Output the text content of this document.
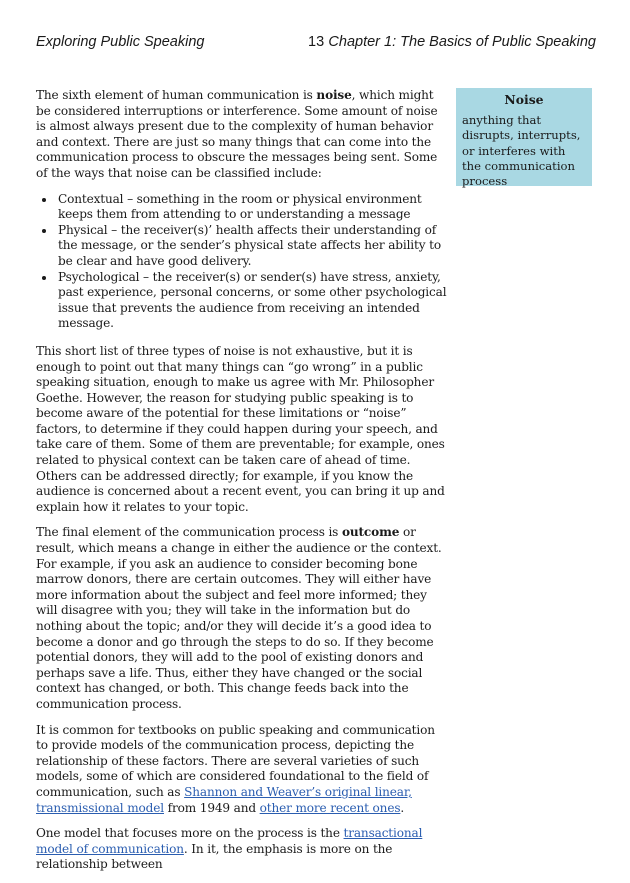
Exploring Public Speaking	13 Chapter 1: The Basics of Public Speaking

The sixth element of human communication is noise, which might be considered interruptions or interference. Some amount of noise is almost always present due to the complexity of human behavior and context. There are just so many things that can come into the communication process to obscure the messages being sent. Some of the ways that noise can be classified include:

• Contextual – something in the room or physical environment keeps them from attending to or understanding a message
• Physical – the receiver(s)’ health affects their understanding of the message, or the sender’s physical state affects her ability to be clear and have good delivery.
• Psychological – the receiver(s) or sender(s) have stress, anxiety, past experience, personal concerns, or some other psychological issue that prevents the audience from receiving an intended message.

This short list of three types of noise is not exhaustive, but it is enough to point out that many things can “go wrong” in a public speaking situation, enough to make us agree with Mr. Philosopher Goethe. However, the reason for studying public speaking is to become aware of the potential for these limitations or “noise” factors, to determine if they could happen during your speech, and take care of them. Some of them are preventable; for example, ones related to physical context can be taken care of ahead of time. Others can be addressed directly; for example, if you know the audience is concerned about a recent event, you can bring it up and explain how it relates to your topic.

The final element of the communication process is outcome or result, which means a change in either the audience or the context. For example, if you ask an audience to consider becoming bone marrow donors, there are certain outcomes. They will either have more information about the subject and feel more informed; they will disagree with you; they will take in the information but do nothing about the topic; and/or they will decide it’s a good idea to become a donor and go through the steps to do so. If they become potential donors, they will add to the pool of existing donors and perhaps save a life. Thus, either they have changed or the social context has changed, or both. This change feeds back into the communication process.

It is common for textbooks on public speaking and communication to provide models of the communication process, depicting the relationship of these factors. There are several varieties of such models, some of which are considered foundational to the field of communication, such as Shannon and Weaver’s original linear, transmissional model from 1949 and other more recent ones.

One model that focuses more on the process is the transactional model of communication. In it, the emphasis is more on the relationship between

Noise

anything that disrupts, interrupts, or interferes with the communication process
